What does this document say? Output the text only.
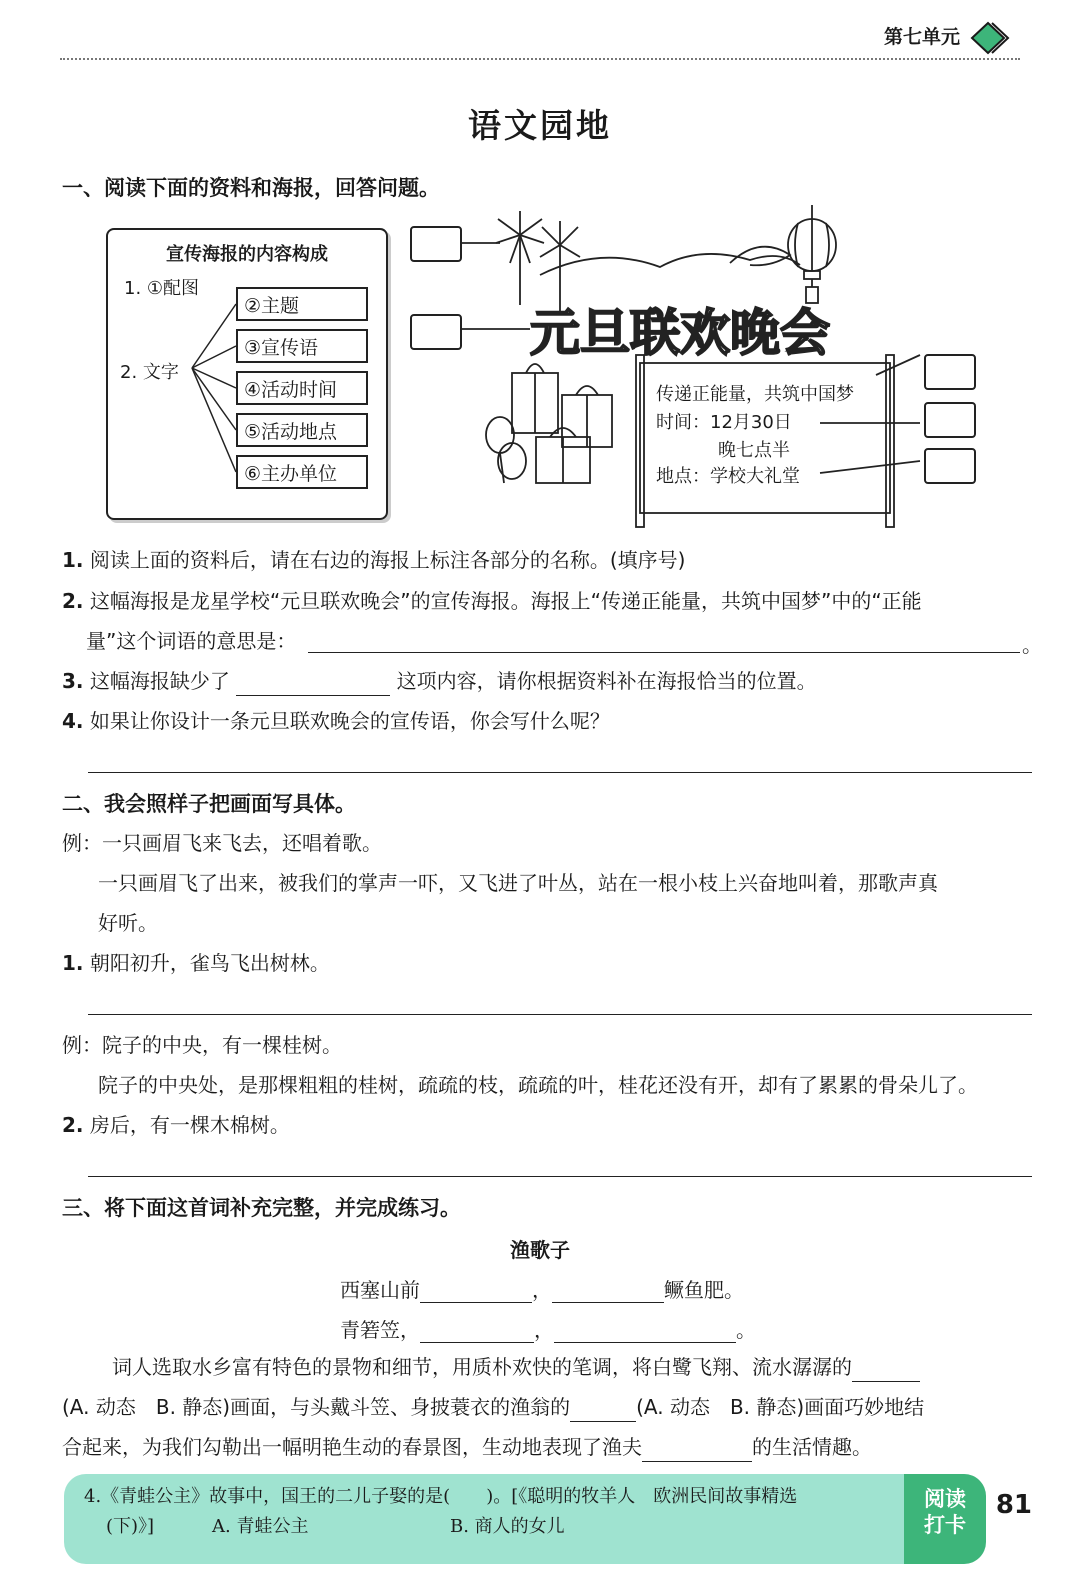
第七单元
语文园地
一、阅读下面的资料和海报，回答问题。
宣传海报的内容构成
1. ①配图
2. 文字
②主题
③宣传语
④活动时间
⑤活动地点
⑥主办单位
元旦联欢晚会
传递正能量，共筑中国梦
时间：12月30日
晚七点半
地点：学校大礼堂
1. 阅读上面的资料后，请在右边的海报上标注各部分的名称。(填序号)
2. 这幅海报是龙星学校“元旦联欢晚会”的宣传海报。海报上“传递正能量，共筑中国梦”中的“正能
量”这个词语的意思是：	。
3. 这幅海报缺少了	这项内容，请你根据资料补在海报恰当的位置。
4. 如果让你设计一条元旦联欢晚会的宣传语，你会写什么呢？
二、我会照样子把画面写具体。
例：一只画眉飞来飞去，还唱着歌。
一只画眉飞了出来，被我们的掌声一吓，又飞进了叶丛，站在一根小枝上兴奋地叫着，那歌声真
好听。
1. 朝阳初升，雀鸟飞出树林。
例：院子的中央，有一棵桂树。
院子的中央处，是那棵粗粗的桂树，疏疏的枝，疏疏的叶，桂花还没有开，却有了累累的骨朵儿了。
2. 房后，有一棵木棉树。
三、将下面这首词补充完整，并完成练习。
渔歌子
西塞山前	，	鳜鱼肥。
青箬笠，	，	。
词人选取水乡富有特色的景物和细节，用质朴欢快的笔调，将白鹭飞翔、流水潺潺的
(A. 动态　B. 静态)画面，与头戴斗笠、身披蓑衣的渔翁的	(A. 动态　B. 静态)画面巧妙地结
合起来，为我们勾勒出一幅明艳生动的春景图，生动地表现了渔夫	的生活情趣。
4.《青蛙公主》故事中，国王的二儿子娶的是(　　)。[《聪明的牧羊人　欧洲民间故事精选
(下)》]	A. 青蛙公主	B. 商人的女儿
阅读
打卡
81
